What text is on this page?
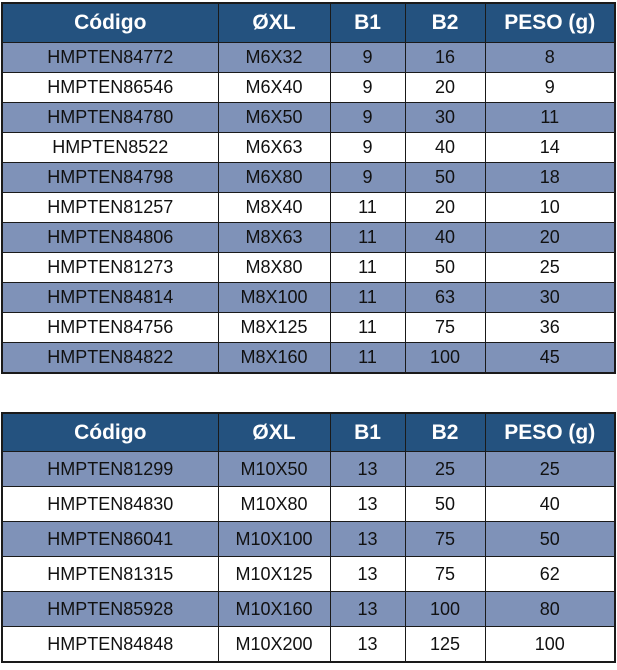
Código	ØXL	B1	B2	PESO (g)
HMPTEN84772	M6X32	9	16	8
HMPTEN86546	M6X40	9	20	9
HMPTEN84780	M6X50	9	30	11
HMPTEN8522	M6X63	9	40	14
HMPTEN84798	M6X80	9	50	18
HMPTEN81257	M8X40	11	20	10
HMPTEN84806	M8X63	11	40	20
HMPTEN81273	M8X80	11	50	25
HMPTEN84814	M8X100	11	63	30
HMPTEN84756	M8X125	11	75	36
HMPTEN84822	M8X160	11	100	45
Código	ØXL	B1	B2	PESO (g)
HMPTEN81299	M10X50	13	25	25
HMPTEN84830	M10X80	13	50	40
HMPTEN86041	M10X100	13	75	50
HMPTEN81315	M10X125	13	75	62
HMPTEN85928	M10X160	13	100	80
HMPTEN84848	M10X200	13	125	100
